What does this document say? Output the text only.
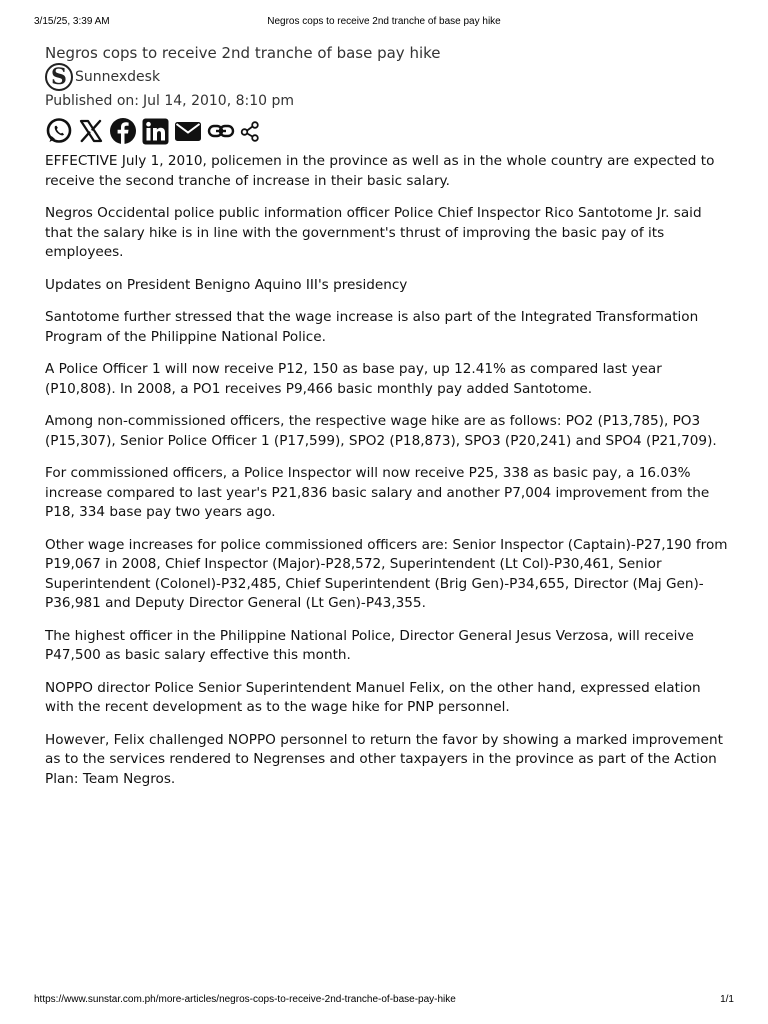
3/15/25, 3:39 AM	Negros cops to receive 2nd tranche of base pay hike
Negros cops to receive 2nd tranche of base pay hike
S Sunnexdesk
Published on: Jul 14, 2010, 8:10 pm

EFFECTIVE July 1, 2010, policemen in the province as well as in the whole country are expected to receive the second tranche of increase in their basic salary.

Negros Occidental police public information officer Police Chief Inspector Rico Santotome Jr. said that the salary hike is in line with the government's thrust of improving the basic pay of its employees.

Updates on President Benigno Aquino III's presidency

Santotome further stressed that the wage increase is also part of the Integrated Transformation Program of the Philippine National Police.

A Police Officer 1 will now receive P12, 150 as base pay, up 12.41% as compared last year (P10,808). In 2008, a PO1 receives P9,466 basic monthly pay added Santotome.

Among non-commissioned officers, the respective wage hike are as follows: PO2 (P13,785), PO3 (P15,307), Senior Police Officer 1 (P17,599), SPO2 (P18,873), SPO3 (P20,241) and SPO4 (P21,709).

For commissioned officers, a Police Inspector will now receive P25, 338 as basic pay, a 16.03% increase compared to last year's P21,836 basic salary and another P7,004 improvement from the P18, 334 base pay two years ago.

Other wage increases for police commissioned officers are: Senior Inspector (Captain)-P27,190 from P19,067 in 2008, Chief Inspector (Major)-P28,572, Superintendent (Lt Col)-P30,461, Senior Superintendent (Colonel)-P32,485, Chief Superintendent (Brig Gen)-P34,655, Director (Maj Gen)-P36,981 and Deputy Director General (Lt Gen)-P43,355.

The highest officer in the Philippine National Police, Director General Jesus Verzosa, will receive P47,500 as basic salary effective this month.

NOPPO director Police Senior Superintendent Manuel Felix, on the other hand, expressed elation with the recent development as to the wage hike for PNP personnel.

However, Felix challenged NOPPO personnel to return the favor by showing a marked improvement as to the services rendered to Negrenses and other taxpayers in the province as part of the Action Plan: Team Negros.

https://www.sunstar.com.ph/more-articles/negros-cops-to-receive-2nd-tranche-of-base-pay-hike	1/1
